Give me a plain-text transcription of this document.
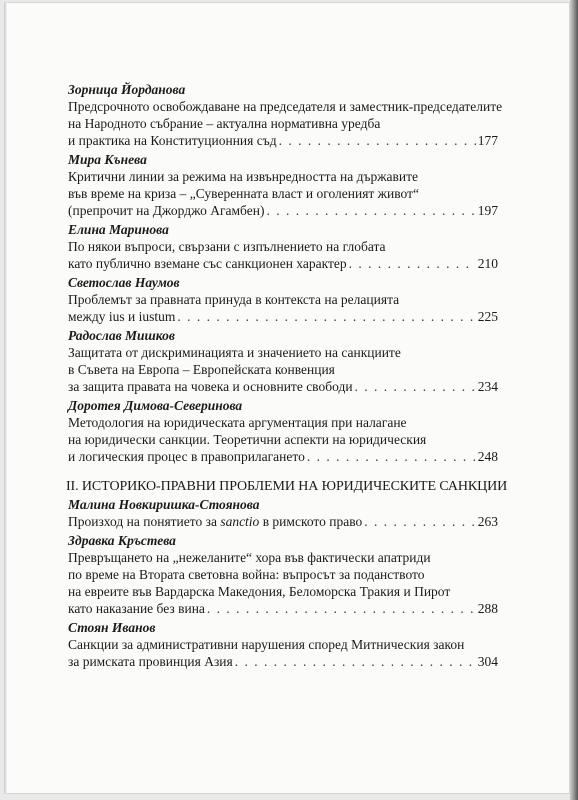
Зорница Йорданова
Предсрочното освобождаване на председателя и заместник-председателите
на Народното събрание – актуална нормативна уредба
и практика на Конституционния съд . . .	177
Мира Кънева
Критични линии за режима на извънредността на държавите
във време на криза – „Суверенната власт и оголеният живот“
(препрочит на Джорджо Агамбен) . . .	197
Елина Маринова
По някои въпроси, свързани с изпълнението на глобата
като публично вземане със санкционен характер . . .	210
Светослав Наумов
Проблемът за правната принуда в контекста на релацията
между ius и iustum . . .	225
Радослав Мишков
Защитата от дискриминацията и значението на санкциите
в Съвета на Европа – Европейската конвенция
за защита правата на човека и основните свободи . . .	234
Доротея Димова-Северинова
Методология на юридическата аргументация при налагане
на юридически санкции. Теоретични аспекти на юридическия
и логическия процес в правоприлагането . . .	248
II. ИСТОРИКО-ПРАВНИ ПРОБЛЕМИ НА ЮРИДИЧЕСКИТЕ САНКЦИИ
Малина Новкиришка-Стоянова
Произход на понятието за sanctio в римското право . . .	263
Здравка Кръстева
Превръщането на „нежеланите“ хора във фактически апатриди
по време на Втората световна война: въпросът за поданството
на евреите във Вардарска Македония, Беломорска Тракия и Пирот
като наказание без вина . . .	288
Стоян Иванов
Санкции за административни нарушения според Митническия закон
за римската провинция Азия . . .	304
